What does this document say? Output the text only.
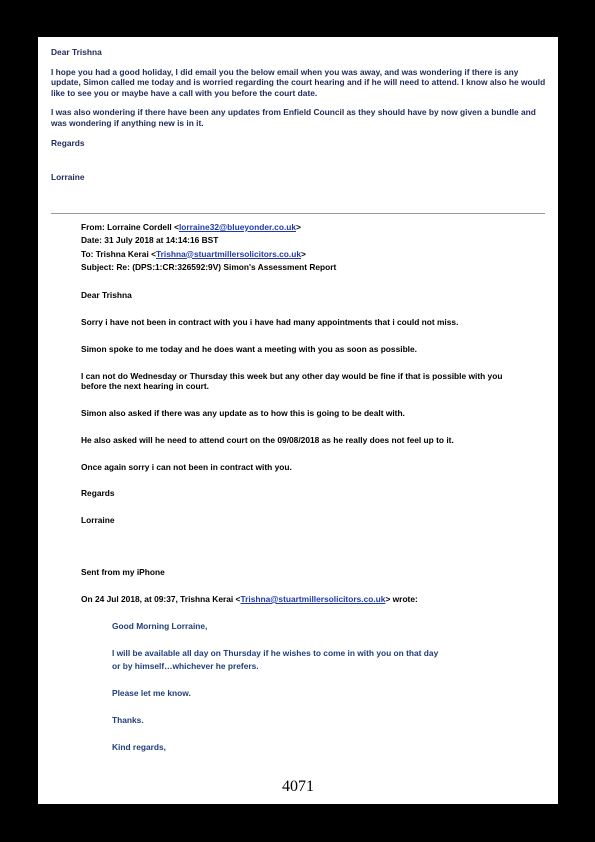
Dear Trishna

I hope you had a good holiday, I did email you the below email when you was away, and was wondering if there is any update, Simon called me today and is worried regarding the court hearing and if he will need to attend. I know also he would like to see you or maybe have a call with you before the court date.

I was also wondering if there have been any updates from Enfield Council as they should have by now given a bundle and was wondering if anything new is in it.

Regards

Lorraine

From: Lorraine Cordell <lorraine32@blueyonder.co.uk>
Date: 31 July 2018 at 14:14:16 BST
To: Trishna Kerai <Trishna@stuartmillersolicitors.co.uk>
Subject: Re: (DPS:1:CR:326592:9V) Simon's Assessment Report

Dear Trishna

Sorry i have not been in contract with you i have had many appointments that i could not miss.

Simon spoke to me today and he does want a meeting with you as soon as possible.

I can not do Wednesday or Thursday this week but any other day would be fine if that is possible with you before the next hearing in court.

Simon also asked if there was any update as to how this is going to be dealt with.

He also asked will he need to attend court on the 09/08/2018 as he really does not feel up to it.

Once again sorry i can not been in contract with you.

Regards

Lorraine

Sent from my iPhone

On 24 Jul 2018, at 09:37, Trishna Kerai <Trishna@stuartmillersolicitors.co.uk> wrote:

Good Morning Lorraine,

I will be available all day on Thursday if he wishes to come in with you on that day
or by himself…whichever he prefers.

Please let me know.

Thanks.

Kind regards,

4071
